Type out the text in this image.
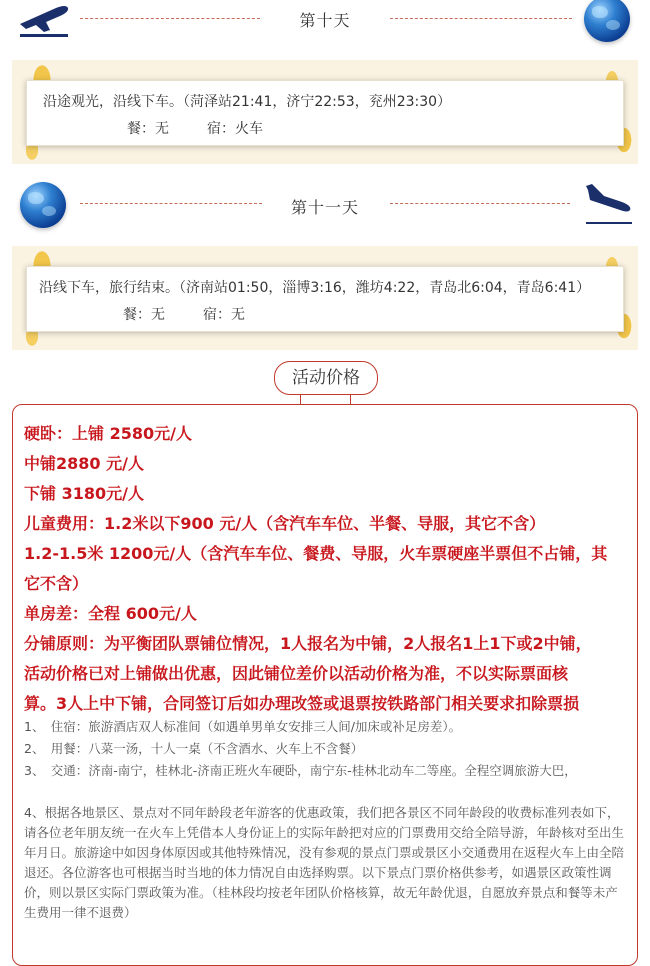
第十天
沿途观光，沿线下车。（菏泽站21:41，济宁22:53，兖州23:30）
餐：无	宿：火车
第十一天
沿线下车，旅行结束。（济南站01:50，淄博3:16，潍坊4:22，青岛北6:04，青岛6:41）
餐：无	宿：无
活动价格
硬卧：上铺 2580元/人
中铺2880 元/人
下铺 3180元/人
儿童费用：1.2米以下900 元/人（含汽车车位、半餐、导服，其它不含）
1.2-1.5米 1200元/人（含汽车车位、餐费、导服，火车票硬座半票但不占铺，其
它不含）
单房差：全程 600元/人
分铺原则：为平衡团队票铺位情况，1人报名为中铺，2人报名1上1下或2中铺，
活动价格已对上铺做出优惠，因此铺位差价以活动价格为准，不以实际票面核
算。3人上中下铺，合同签订后如办理改签或退票按铁路部门相关要求扣除票损
1、　住宿：旅游酒店双人标准间（如遇单男单女安排三人间/加床或补足房差）。
2、　用餐：八菜一汤，十人一桌（不含酒水、火车上不含餐）
3、　交通：济南-南宁，桂林北-济南正班火车硬卧，南宁东-桂林北动车二等座。全程空调旅游大巴，
4、根据各地景区、景点对不同年龄段老年游客的优惠政策，我们把各景区不同年龄段的收费标准列表如下，请各位老年朋友统一在火车上凭借本人身份证上的实际年龄把对应的门票费用交给全陪导游，年龄核对至出生年月日。旅游途中如因身体原因或其他特殊情况，没有参观的景点门票或景区小交通费用在返程火车上由全陪退还。各位游客也可根据当时当地的体力情况自由选择购票。以下景点门票价格供参考，如遇景区政策性调价，则以景区实际门票政策为准。（桂林段均按老年团队价格核算，故无年龄优退，自愿放弃景点和餐等未产生费用一律不退费）
